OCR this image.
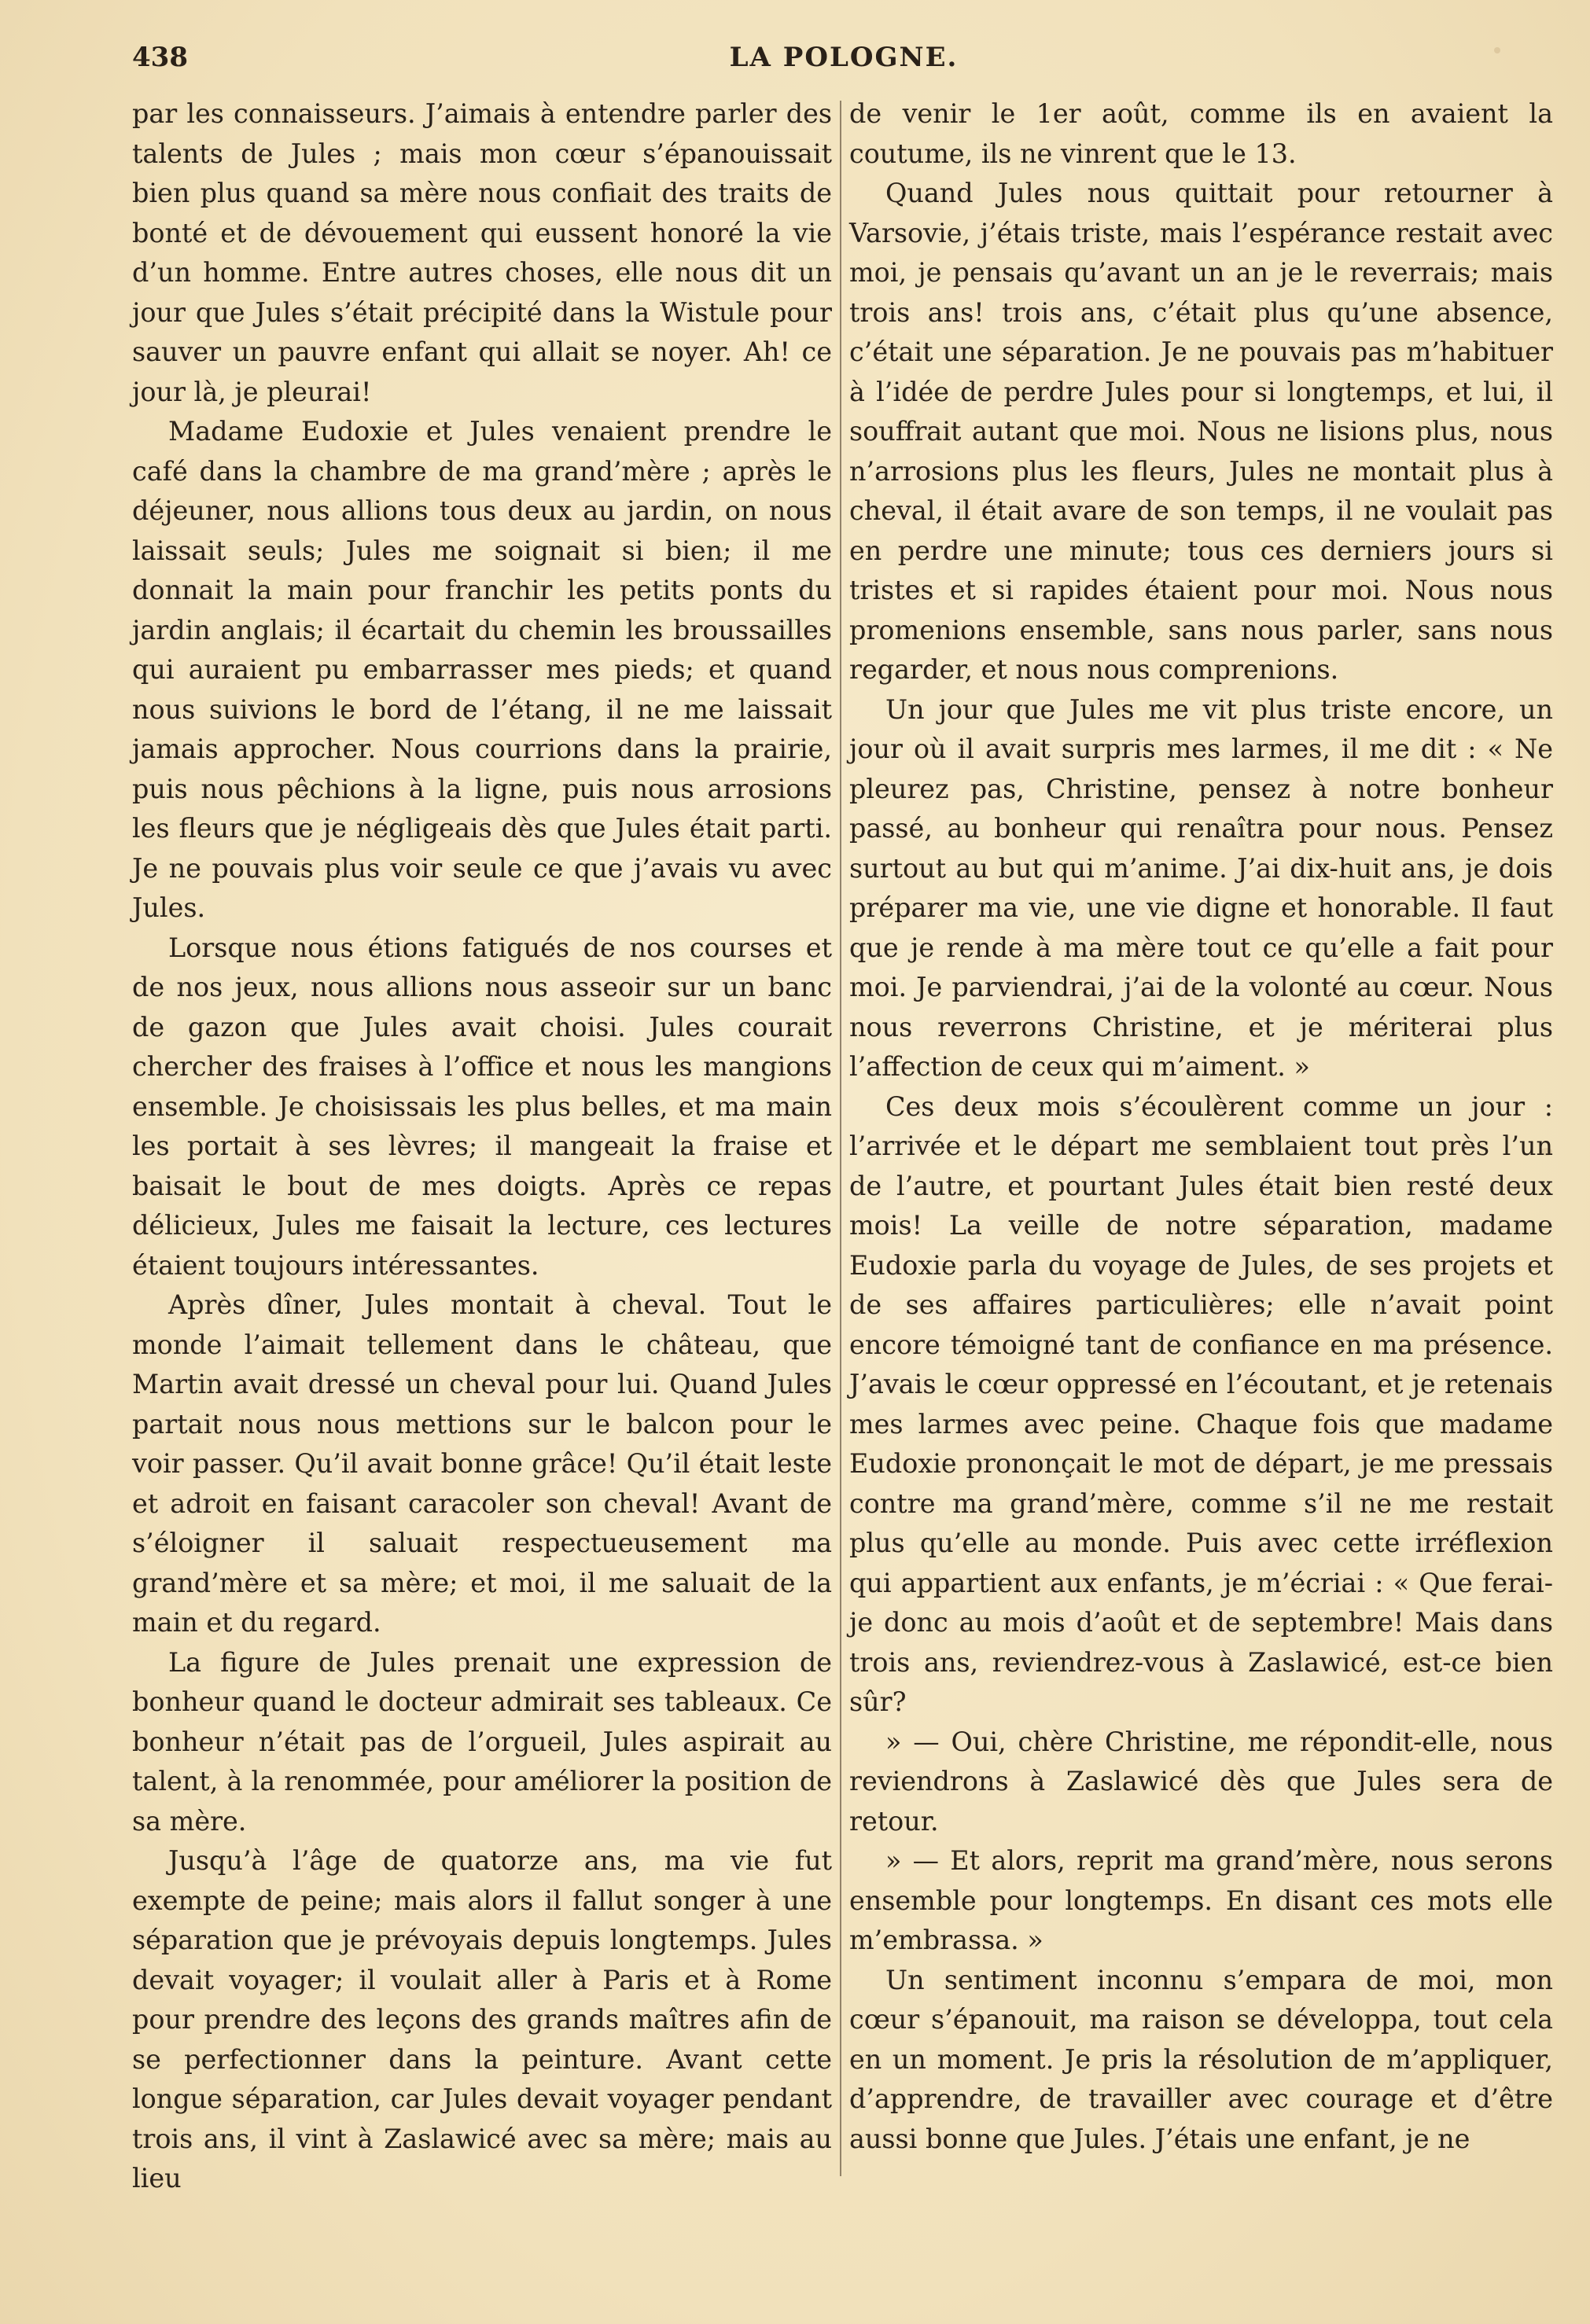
438	LA POLOGNE.

par les connaisseurs. J’aimais à entendre parler des talents de Jules ; mais mon cœur s’épanouissait bien plus quand sa mère nous confiait des traits de bonté et de dévouement qui eussent honoré la vie d’un homme. Entre autres choses, elle nous dit un jour que Jules s’était précipité dans la Wistule pour sauver un pauvre enfant qui allait se noyer. Ah! ce jour là, je pleurai!

Madame Eudoxie et Jules venaient prendre le café dans la chambre de ma grand’mère ; après le déjeuner, nous allions tous deux au jardin, on nous laissait seuls; Jules me soignait si bien; il me donnait la main pour franchir les petits ponts du jardin anglais; il écartait du chemin les broussailles qui auraient pu embarrasser mes pieds; et quand nous suivions le bord de l’étang, il ne me laissait jamais approcher. Nous courrions dans la prairie, puis nous pêchions à la ligne, puis nous arrosions les fleurs que je négligeais dès que Jules était parti. Je ne pouvais plus voir seule ce que j’avais vu avec Jules.

Lorsque nous étions fatigués de nos courses et de nos jeux, nous allions nous asseoir sur un banc de gazon que Jules avait choisi. Jules courait chercher des fraises à l’office et nous les mangions ensemble. Je choisissais les plus belles, et ma main les portait à ses lèvres; il mangeait la fraise et baisait le bout de mes doigts. Après ce repas délicieux, Jules me faisait la lecture, ces lectures étaient toujours intéressantes.

Après dîner, Jules montait à cheval. Tout le monde l’aimait tellement dans le château, que Martin avait dressé un cheval pour lui. Quand Jules partait nous nous mettions sur le balcon pour le voir passer. Qu’il avait bonne grâce! Qu’il était leste et adroit en faisant caracoler son cheval! Avant de s’éloigner il saluait respectueusement ma grand’mère et sa mère; et moi, il me saluait de la main et du regard.

La figure de Jules prenait une expression de bonheur quand le docteur admirait ses tableaux. Ce bonheur n’était pas de l’orgueil, Jules aspirait au talent, à la renommée, pour améliorer la position de sa mère.

Jusqu’à l’âge de quatorze ans, ma vie fut exempte de peine; mais alors il fallut songer à une séparation que je prévoyais depuis longtemps. Jules devait voyager; il voulait aller à Paris et à Rome pour prendre des leçons des grands maîtres afin de se perfectionner dans la peinture. Avant cette longue séparation, car Jules devait voyager pendant trois ans, il vint à Zaslawicé avec sa mère; mais au lieu

de venir le 1er août, comme ils en avaient la coutume, ils ne vinrent que le 13.

Quand Jules nous quittait pour retourner à Varsovie, j’étais triste, mais l’espérance restait avec moi, je pensais qu’avant un an je le reverrais; mais trois ans! trois ans, c’était plus qu’une absence, c’était une séparation. Je ne pouvais pas m’habituer à l’idée de perdre Jules pour si longtemps, et lui, il souffrait autant que moi. Nous ne lisions plus, nous n’arrosions plus les fleurs, Jules ne montait plus à cheval, il était avare de son temps, il ne voulait pas en perdre une minute; tous ces derniers jours si tristes et si rapides étaient pour moi. Nous nous promenions ensemble, sans nous parler, sans nous regarder, et nous nous comprenions.

Un jour que Jules me vit plus triste encore, un jour où il avait surpris mes larmes, il me dit : « Ne pleurez pas, Christine, pensez à notre bonheur passé, au bonheur qui renaîtra pour nous. Pensez surtout au but qui m’anime. J’ai dix-huit ans, je dois préparer ma vie, une vie digne et honorable. Il faut que je rende à ma mère tout ce qu’elle a fait pour moi. Je parviendrai, j’ai de la volonté au cœur. Nous nous reverrons Christine, et je mériterai plus l’affection de ceux qui m’aiment. »

Ces deux mois s’écoulèrent comme un jour : l’arrivée et le départ me semblaient tout près l’un de l’autre, et pourtant Jules était bien resté deux mois! La veille de notre séparation, madame Eudoxie parla du voyage de Jules, de ses projets et de ses affaires particulières; elle n’avait point encore témoigné tant de confiance en ma présence. J’avais le cœur oppressé en l’écoutant, et je retenais mes larmes avec peine. Chaque fois que madame Eudoxie prononçait le mot de départ, je me pressais contre ma grand’mère, comme s’il ne me restait plus qu’elle au monde. Puis avec cette irréflexion qui appartient aux enfants, je m’écriai : « Que ferai-je donc au mois d’août et de septembre! Mais dans trois ans, reviendrez-vous à Zaslawicé, est-ce bien sûr?

» — Oui, chère Christine, me répondit-elle, nous reviendrons à Zaslawicé dès que Jules sera de retour.

» — Et alors, reprit ma grand’mère, nous serons ensemble pour longtemps. En disant ces mots elle m’embrassa. »

Un sentiment inconnu s’empara de moi, mon cœur s’épanouit, ma raison se développa, tout cela en un moment. Je pris la résolution de m’appliquer, d’apprendre, de travailler avec courage et d’être aussi bonne que Jules. J’étais une enfant, je ne
